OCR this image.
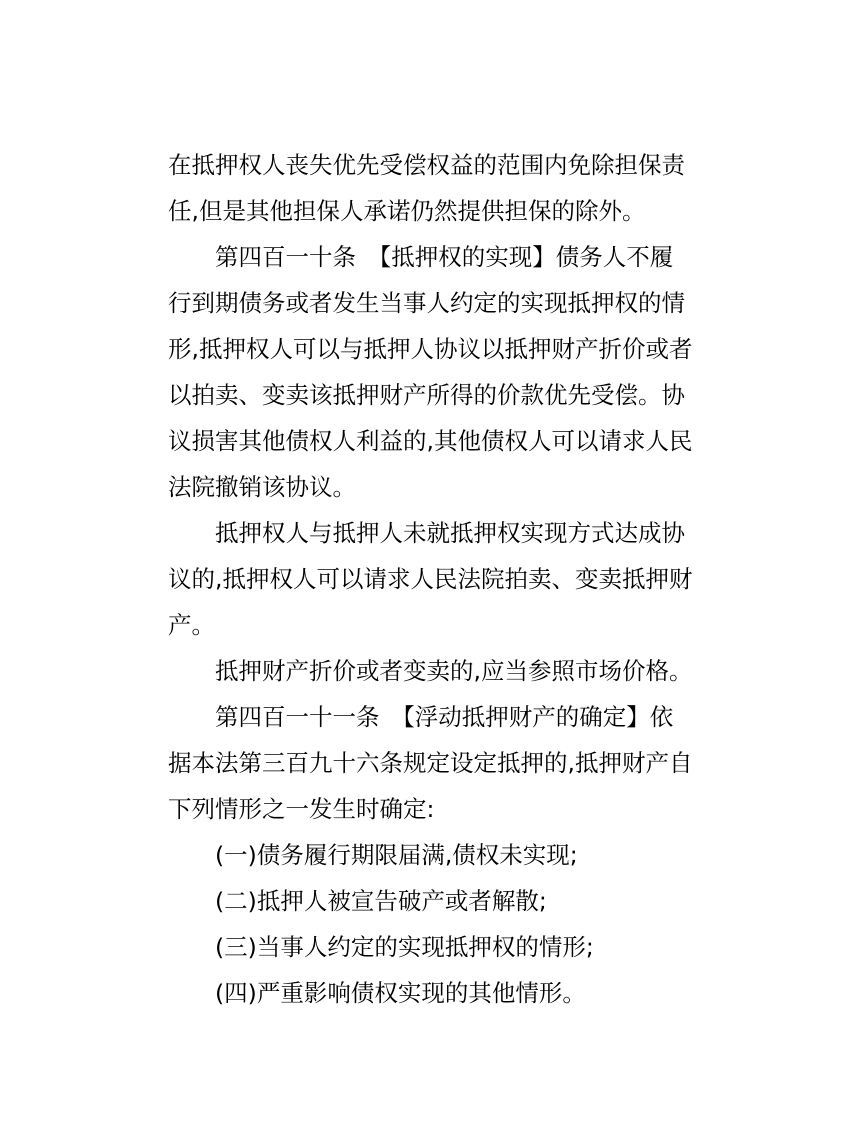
在抵押权人丧失优先受偿权益的范围内免除担保责
任,但是其他担保人承诺仍然提供担保的除外。
第四百一十条　【抵押权的实现】债务人不履
行到期债务或者发生当事人约定的实现抵押权的情
形,抵押权人可以与抵押人协议以抵押财产折价或者
以拍卖、变卖该抵押财产所得的价款优先受偿。协
议损害其他债权人利益的,其他债权人可以请求人民
法院撤销该协议。
抵押权人与抵押人未就抵押权实现方式达成协
议的,抵押权人可以请求人民法院拍卖、变卖抵押财
产。
抵押财产折价或者变卖的,应当参照市场价格。
第四百一十一条　【浮动抵押财产的确定】依
据本法第三百九十六条规定设定抵押的,抵押财产自
下列情形之一发生时确定:
(一)债务履行期限届满,债权未实现;
(二)抵押人被宣告破产或者解散;
(三)当事人约定的实现抵押权的情形;
(四)严重影响债权实现的其他情形。
